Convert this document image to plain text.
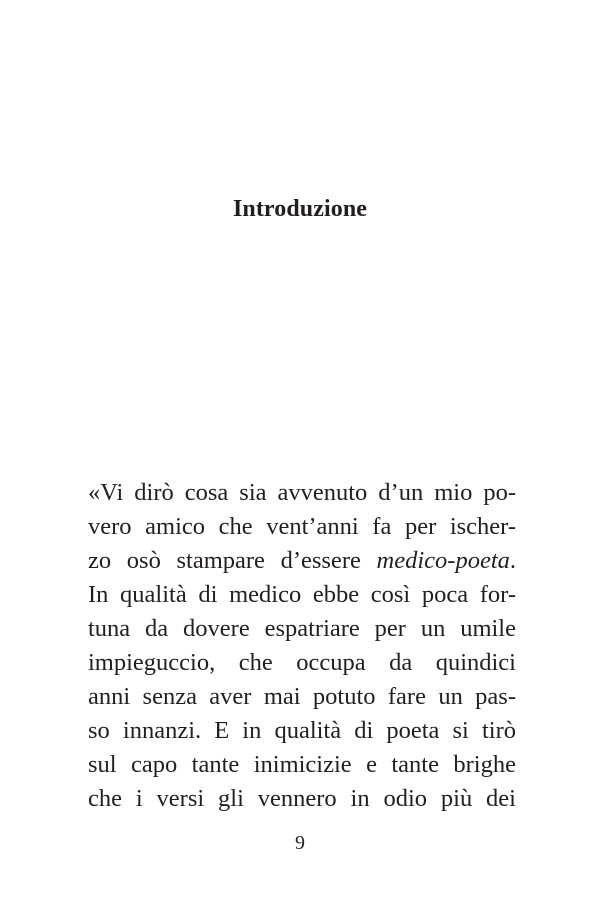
Introduzione
«Vi dirò cosa sia avvenuto d’un mio po-
vero amico che vent’anni fa per ischer-
zo osò stampare d’essere medico-poeta.
In qualità di medico ebbe così poca for-
tuna da dovere espatriare per un umile
impieguccio, che occupa da quindici
anni senza aver mai potuto fare un pas-
so innanzi. E in qualità di poeta si tirò
sul capo tante inimicizie e tante brighe
che i versi gli vennero in odio più dei
9
